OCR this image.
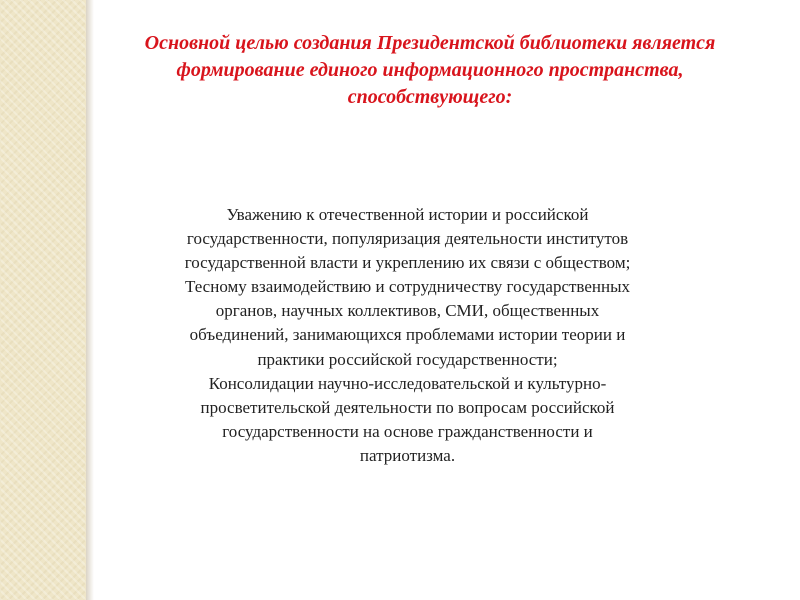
Основной целью создания Президентской библиотеки является
формирование единого информационного пространства,
способствующего:
Уважению к отечественной истории и российской
государственности, популяризация деятельности институтов
государственной власти и укреплению их связи с обществом;
Тесному взаимодействию и сотрудничеству государственных
органов, научных коллективов, СМИ, общественных
объединений, занимающихся проблемами истории теории и
практики российской государственности;
Консолидации научно-исследовательской и культурно-
просветительской деятельности по вопросам российской
государственности на основе гражданственности и
патриотизма.
